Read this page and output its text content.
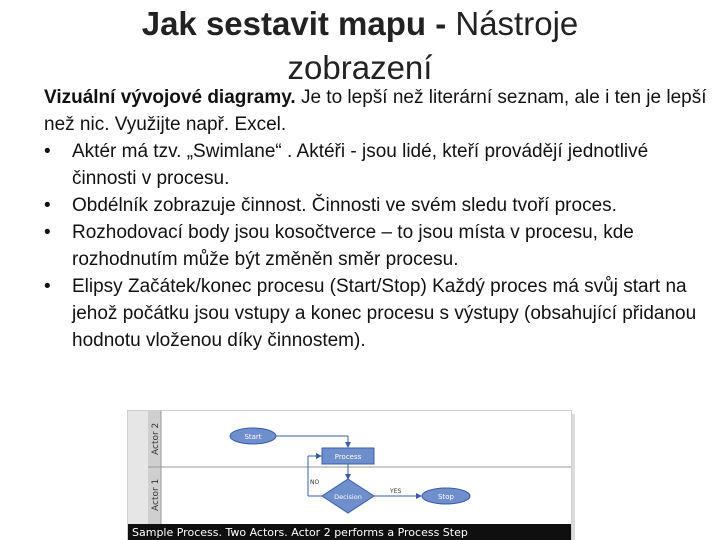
Jak sestavit mapu - Nástroje zobrazení

Vizuální vývojové diagramy. Je to lepší než literární seznam, ale i ten je lepší než nic. Využijte např. Excel.

• Aktér má tzv. „Swimlane“ . Aktéři - jsou lidé, kteří provádějí jednotlivé činnosti v procesu.
• Obdélník zobrazuje činnost. Činnosti ve svém sledu tvoří proces.
• Rozhodovací body jsou kosočtverce – to jsou místa v procesu, kde rozhodnutím může být změněn směr procesu.
• Elipsy Začátek/konec procesu (Start/Stop) Každý proces má svůj start na jehož počátku jsou vstupy a konec procesu s výstupy (obsahující přidanou hodnotu vloženou díky činnostem).
Actor 2
Actor 1
Start
Process
NO
Decision
YES
Stop
Sample Process. Two Actors. Actor 2 performs a Process Step
